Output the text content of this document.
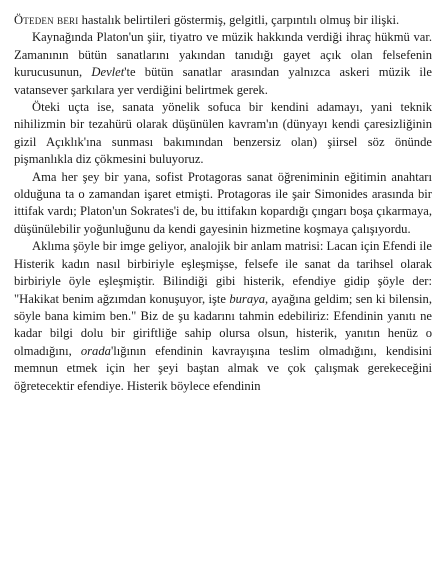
Öteden beri hastalık belirtileri göstermiş, gelgitli, çarpıntılı olmuş bir ilişki.

Kaynağında Platon'un şiir, tiyatro ve müzik hakkında verdiği ihraç hükmü var. Zamanının bütün sanatlarını yakından tanıdığı gayet açık olan felsefenin kurucusunun, Devlet'te bütün sanatlar arasından yalnızca askeri müzik ile vatansever şarkılara yer verdiğini belirtmek gerek.

Öteki uçta ise, sanata yönelik sofuca bir kendini adamayı, yani teknik nihilizmin bir tezahürü olarak düşünülen kavram'ın (dünyayı kendi çaresizliğinin gizil Açıklık'ına sunması bakımından benzersiz olan) şiirsel söz önünde pişmanlıkla diz çökmesini buluyoruz.

Ama her şey bir yana, sofist Protagoras sanat öğreniminin eğitimin anahtarı olduğuna ta o zamandan işaret etmişti. Protagoras ile şair Simonides arasında bir ittifak vardı; Platon'un Sokrates'i de, bu ittifakın kopardığı çıngarı boşa çıkarmaya, düşünülebilir yoğunluğunu da kendi gayesinin hizmetine koşmaya çalışıyordu.

Aklıma şöyle bir imge geliyor, analojik bir anlam matrisi: Lacan için Efendi ile Histerik kadın nasıl birbiriyle eşleşmişse, felsefe ile sanat da tarihsel olarak birbiriyle öyle eşleşmiştir. Bilindiği gibi histerik, efendiye gidip şöyle der: "Hakikat benim ağzımdan konuşuyor, işte buraya, ayağına geldim; sen ki bilensin, söyle bana kimim ben." Biz de şu kadarını tahmin edebiliriz: Efendinin yanıtı ne kadar bilgi dolu bir giriftliğe sahip olursa olsun, histerik, yanıtın henüz o olmadığını, orada'lığının efendinin kavrayışına teslim olmadığını, kendisini memnun etmek için her şeyi baştan almak ve çok çalışmak gerekeceğini öğretecektir efendiye. Histerik böylece efendinin
